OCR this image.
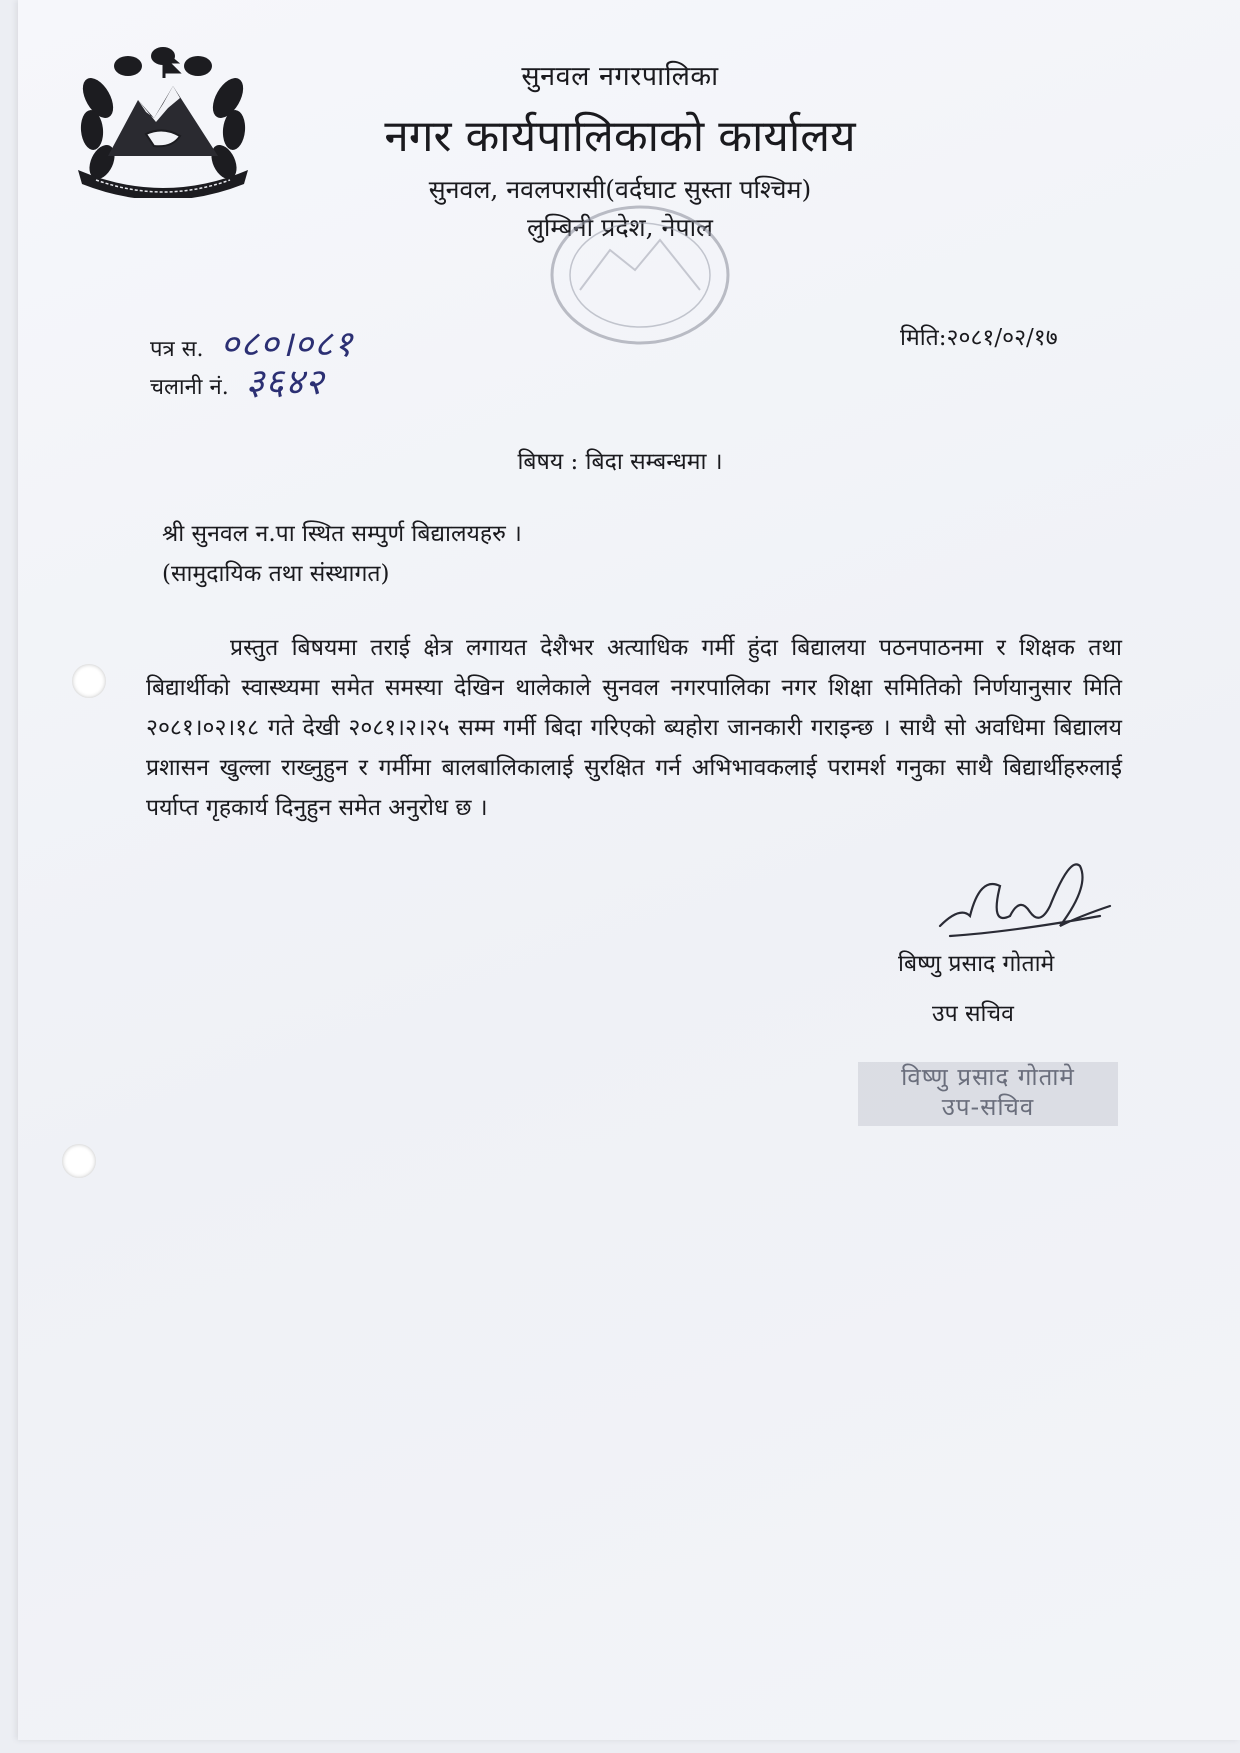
सुनवल नगरपालिका
नगर कार्यपालिकाको कार्यालय
सुनवल, नवलपरासी(वर्दघाट सुस्ता पश्चिम)
लुम्बिनी प्रदेश, नेपाल
पत्र स. ०८०।०८१
चलानी नं. ३६४२
मिति:२०८१/०२/१७
बिषय : बिदा सम्बन्धमा ।
श्री सुनवल न.पा स्थित सम्पुर्ण बिद्यालयहरु ।
(सामुदायिक तथा संस्थागत)
प्रस्तुत बिषयमा तराई क्षेत्र लगायत देशैभर अत्याधिक गर्मी हुंदा बिद्यालया पठनपाठनमा र शिक्षक तथा बिद्यार्थीको स्वास्थ्यमा समेत समस्या देखिन थालेकाले सुनवल नगरपालिका नगर शिक्षा समितिको निर्णयानुसार मिति २०८१।०२।१८ गते देखी २०८१।२।२५ सम्म गर्मी बिदा गरिएको ब्यहोरा जानकारी गराइन्छ । साथै सो अवधिमा बिद्यालय प्रशासन खुल्ला राख्नुहुन र गर्मीमा बालबालिकालाई सुरक्षित गर्न अभिभावकलाई परामर्श गनुका साथै बिद्यार्थीहरुलाई पर्याप्त गृहकार्य दिनुहुन समेत अनुरोध छ ।
बिष्णु प्रसाद गोतामे
उप सचिव
विष्णु प्रसाद गोतामे
उप-सचिव
